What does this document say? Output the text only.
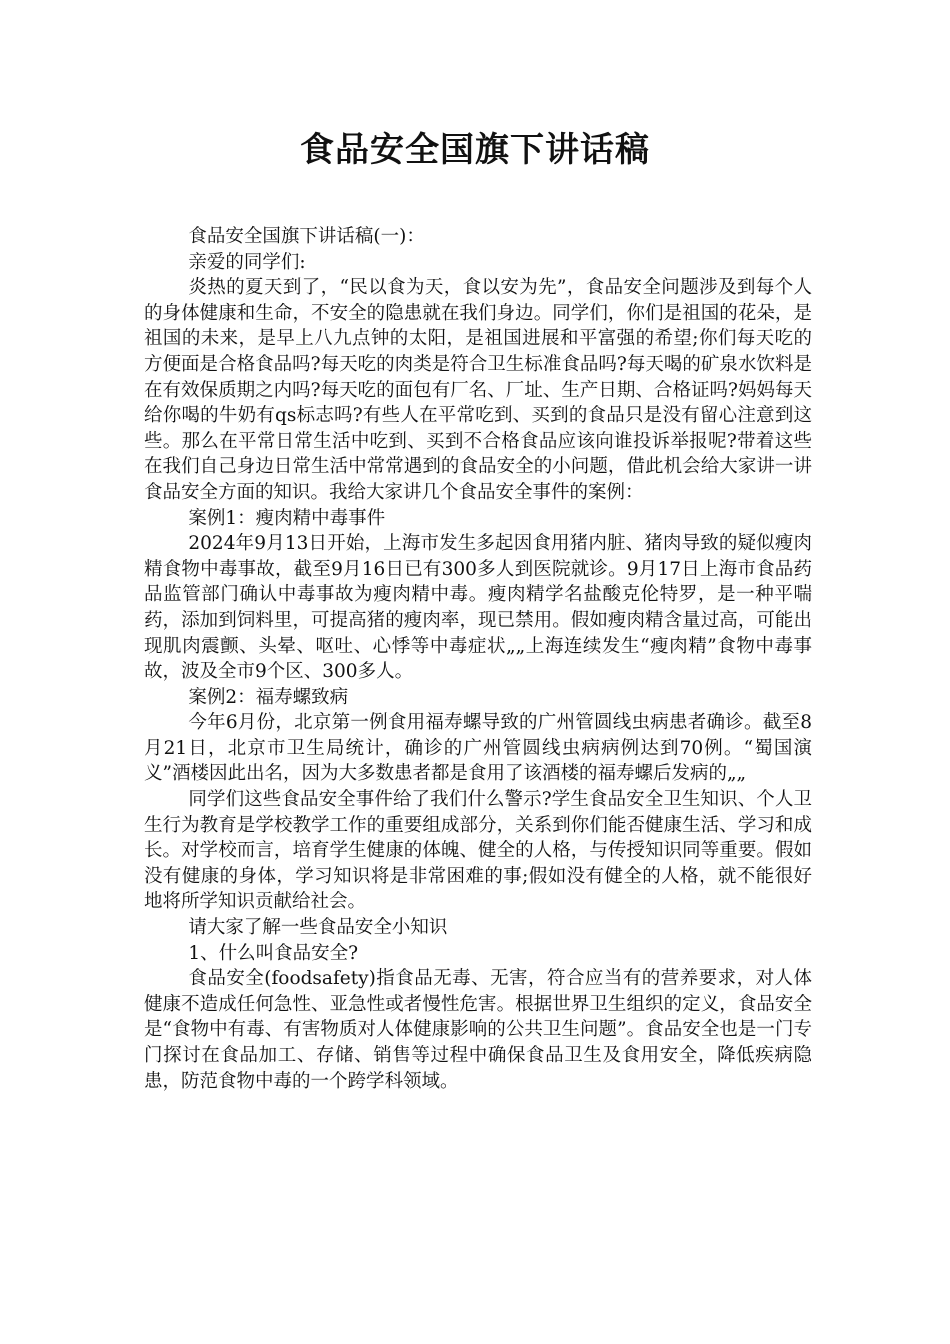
食品安全国旗下讲话稿

食品安全国旗下讲话稿(一)：

亲爱的同学们:

炎热的夏天到了，“民以食为天，食以安为先”，食品安全问题涉及到每个人的身体健康和生命，不安全的隐患就在我们身边。同学们，你们是祖国的花朵，是祖国的未来，是早上八九点钟的太阳，是祖国进展和平富强的希望;你们每天吃的方便面是合格食品吗?每天吃的肉类是符合卫生标准食品吗?每天喝的矿泉水饮料是在有效保质期之内吗?每天吃的面包有厂名、厂址、生产日期、合格证吗?妈妈每天给你喝的牛奶有qs标志吗?有些人在平常吃到、买到的食品只是没有留心注意到这些。那么在平常日常生活中吃到、买到不合格食品应该向谁投诉举报呢?带着这些在我们自己身边日常生活中常常遇到的食品安全的小问题，借此机会给大家讲一讲食品安全方面的知识。我给大家讲几个食品安全事件的案例：

案例1：瘦肉精中毒事件

2024年9月13日开始，上海市发生多起因食用猪内脏、猪肉导致的疑似瘦肉精食物中毒事故，截至9月16日已有300多人到医院就诊。9月17日上海市食品药品监管部门确认中毒事故为瘦肉精中毒。瘦肉精学名盐酸克伦特罗，是一种平喘药，添加到饲料里，可提高猪的瘦肉率，现已禁用。假如瘦肉精含量过高，可能出现肌肉震颤、头晕、呕吐、心悸等中毒症状„„上海连续发生“瘦肉精”食物中毒事故，波及全市9个区、300多人。

案例2：福寿螺致病

今年6月份，北京第一例食用福寿螺导致的广州管圆线虫病患者确诊。截至8月21日，北京市卫生局统计，确诊的广州管圆线虫病病例达到70例。“蜀国演义”酒楼因此出名，因为大多数患者都是食用了该酒楼的福寿螺后发病的„„

同学们这些食品安全事件给了我们什么警示?学生食品安全卫生知识、个人卫生行为教育是学校教学工作的重要组成部分，关系到你们能否健康生活、学习和成长。对学校而言，培育学生健康的体魄、健全的人格，与传授知识同等重要。假如没有健康的身体，学习知识将是非常困难的事;假如没有健全的人格，就不能很好地将所学知识贡献给社会。

请大家了解一些食品安全小知识

1、什么叫食品安全?

食品安全(foodsafety)指食品无毒、无害，符合应当有的营养要求，对人体健康不造成任何急性、亚急性或者慢性危害。根据世界卫生组织的定义，食品安全是“食物中有毒、有害物质对人体健康影响的公共卫生问题”。食品安全也是一门专门探讨在食品加工、存储、销售等过程中确保食品卫生及食用安全，降低疾病隐患，防范食物中毒的一个跨学科领域。
